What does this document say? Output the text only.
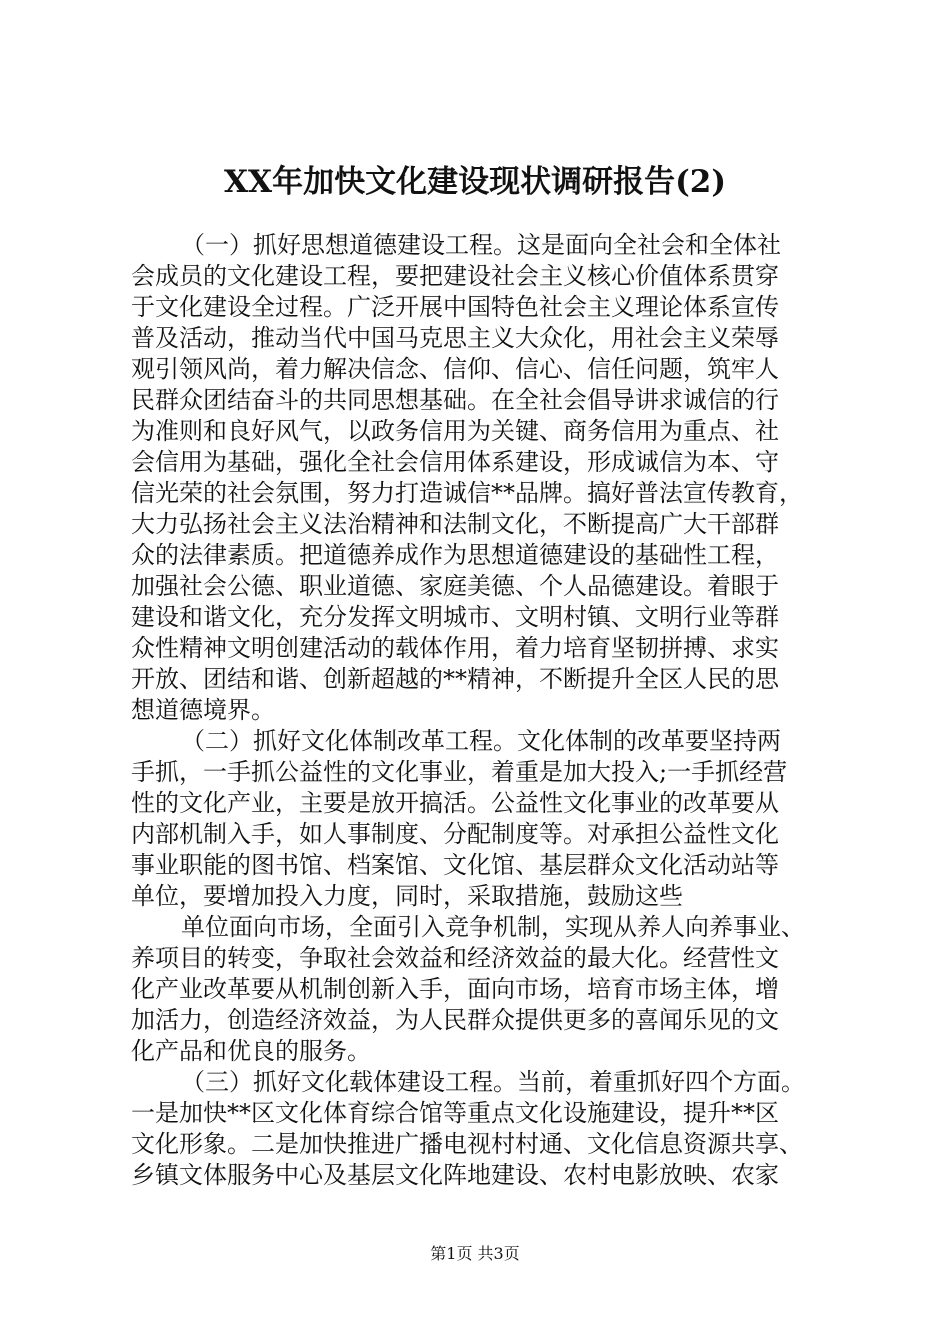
XX年加快文化建设现状调研报告(2)
（一）抓好思想道德建设工程。这是面向全社会和全体社
会成员的文化建设工程，要把建设社会主义核心价值体系贯穿
于文化建设全过程。广泛开展中国特色社会主义理论体系宣传
普及活动，推动当代中国马克思主义大众化，用社会主义荣辱
观引领风尚，着力解决信念、信仰、信心、信任问题，筑牢人
民群众团结奋斗的共同思想基础。在全社会倡导讲求诚信的行
为准则和良好风气，以政务信用为关键、商务信用为重点、社
会信用为基础，强化全社会信用体系建设，形成诚信为本、守
信光荣的社会氛围，努力打造诚信**品牌。搞好普法宣传教育，
大力弘扬社会主义法治精神和法制文化，不断提高广大干部群
众的法律素质。把道德养成作为思想道德建设的基础性工程，
加强社会公德、职业道德、家庭美德、个人品德建设。着眼于
建设和谐文化，充分发挥文明城市、文明村镇、文明行业等群
众性精神文明创建活动的载体作用，着力培育坚韧拼搏、求实
开放、团结和谐、创新超越的**精神，不断提升全区人民的思
想道德境界。
（二）抓好文化体制改革工程。文化体制的改革要坚持两
手抓，一手抓公益性的文化事业，着重是加大投入;一手抓经营
性的文化产业，主要是放开搞活。公益性文化事业的改革要从
内部机制入手，如人事制度、分配制度等。对承担公益性文化
事业职能的图书馆、档案馆、文化馆、基层群众文化活动站等
单位，要增加投入力度，同时，采取措施，鼓励这些
单位面向市场，全面引入竞争机制，实现从养人向养事业、
养项目的转变，争取社会效益和经济效益的最大化。经营性文
化产业改革要从机制创新入手，面向市场，培育市场主体，增
加活力，创造经济效益，为人民群众提供更多的喜闻乐见的文
化产品和优良的服务。
（三）抓好文化载体建设工程。当前，着重抓好四个方面。
一是加快**区文化体育综合馆等重点文化设施建设，提升**区
文化形象。二是加快推进广播电视村村通、文化信息资源共享、
乡镇文体服务中心及基层文化阵地建设、农村电影放映、农家
第1页 共3页
